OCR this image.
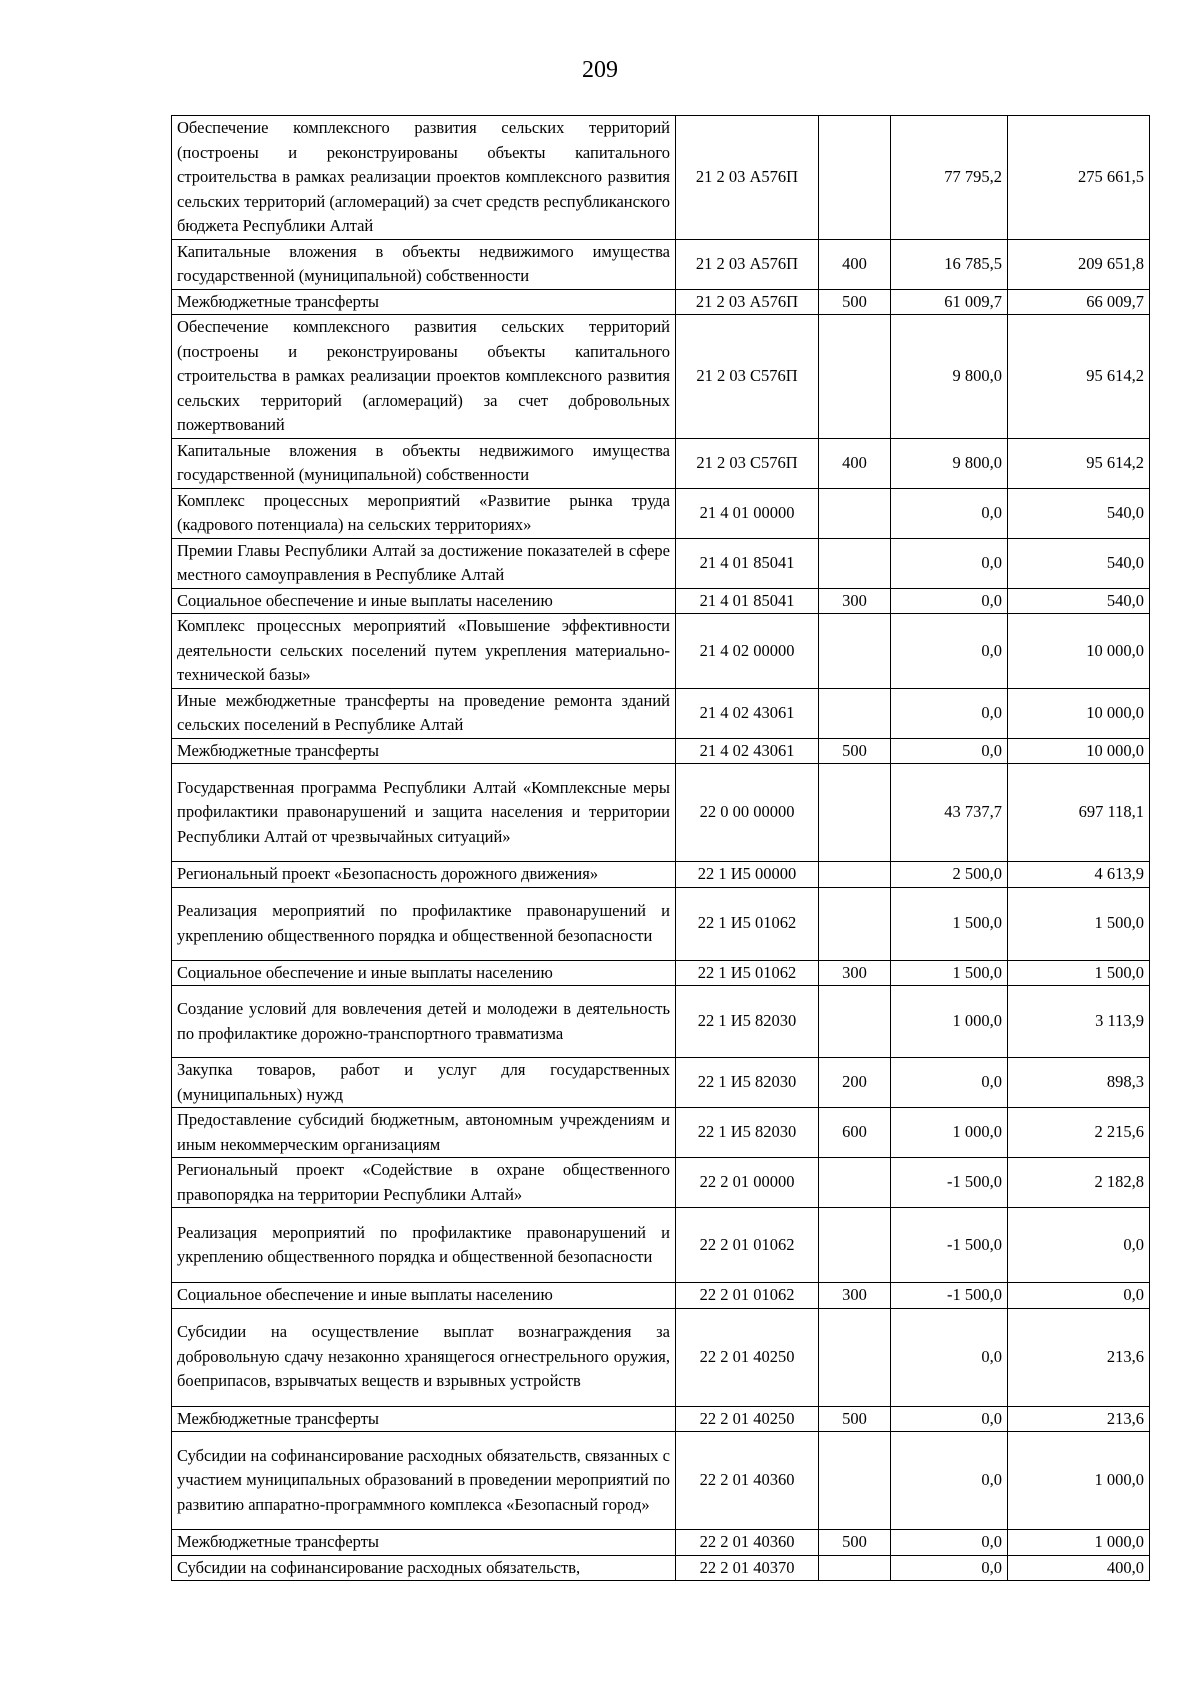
209
Обеспечение комплексного развития сельских территорий (построены и реконструированы объекты капитального строительства в рамках реализации проектов комплексного развития сельских территорий (агломераций) за счет средств республиканского бюджета Республики Алтай	21 2 03 А576П		77 795,2	275 661,5
Капитальные вложения в объекты недвижимого имущества государственной (муниципальной) собственности	21 2 03 А576П	400	16 785,5	209 651,8
Межбюджетные трансферты	21 2 03 А576П	500	61 009,7	66 009,7
Обеспечение комплексного развития сельских территорий (построены и реконструированы объекты капитального строительства в рамках реализации проектов комплексного развития сельских территорий (агломераций) за счет добровольных пожертвований	21 2 03 С576П		9 800,0	95 614,2
Капитальные вложения в объекты недвижимого имущества государственной (муниципальной) собственности	21 2 03 С576П	400	9 800,0	95 614,2
Комплекс процессных мероприятий «Развитие рынка труда (кадрового потенциала) на сельских территориях»	21 4 01 00000		0,0	540,0
Премии Главы Республики Алтай за достижение показателей в сфере местного самоуправления в Республике Алтай	21 4 01 85041		0,0	540,0
Социальное обеспечение и иные выплаты населению	21 4 01 85041	300	0,0	540,0
Комплекс процессных мероприятий «Повышение эффективности деятельности сельских поселений путем укрепления материально-технической базы»	21 4 02 00000		0,0	10 000,0
Иные межбюджетные трансферты на проведение ремонта зданий сельских поселений в Республике Алтай	21 4 02 43061		0,0	10 000,0
Межбюджетные трансферты	21 4 02 43061	500	0,0	10 000,0
Государственная программа Республики Алтай «Комплексные меры профилактики правонарушений и защита населения и территории Республики Алтай от чрезвычайных ситуаций»	22 0 00 00000		43 737,7	697 118,1
Региональный проект «Безопасность дорожного движения»	22 1 И5 00000		2 500,0	4 613,9
Реализация мероприятий по профилактике правонарушений и укреплению общественного порядка и общественной безопасности	22 1 И5 01062		1 500,0	1 500,0
Социальное обеспечение и иные выплаты населению	22 1 И5 01062	300	1 500,0	1 500,0
Создание условий для вовлечения детей и молодежи в деятельность по профилактике дорожно-транспортного травматизма	22 1 И5 82030		1 000,0	3 113,9
Закупка товаров, работ и услуг для государственных (муниципальных) нужд	22 1 И5 82030	200	0,0	898,3
Предоставление субсидий бюджетным, автономным учреждениям и иным некоммерческим организациям	22 1 И5 82030	600	1 000,0	2 215,6
Региональный проект «Содействие в охране общественного правопорядка на территории Республики Алтай»	22 2 01 00000		-1 500,0	2 182,8
Реализация мероприятий по профилактике правонарушений и укреплению общественного порядка и общественной безопасности	22 2 01 01062		-1 500,0	0,0
Социальное обеспечение и иные выплаты населению	22 2 01 01062	300	-1 500,0	0,0
Субсидии на осуществление выплат вознаграждения за добровольную сдачу незаконно хранящегося огнестрельного оружия, боеприпасов, взрывчатых веществ и взрывных устройств	22 2 01 40250		0,0	213,6
Межбюджетные трансферты	22 2 01 40250	500	0,0	213,6
Субсидии на софинансирование расходных обязательств, связанных с участием муниципальных образований в проведении мероприятий по развитию аппаратно-программного комплекса «Безопасный город»	22 2 01 40360		0,0	1 000,0
Межбюджетные трансферты	22 2 01 40360	500	0,0	1 000,0
Субсидии на софинансирование расходных обязательств,	22 2 01 40370		0,0	400,0
